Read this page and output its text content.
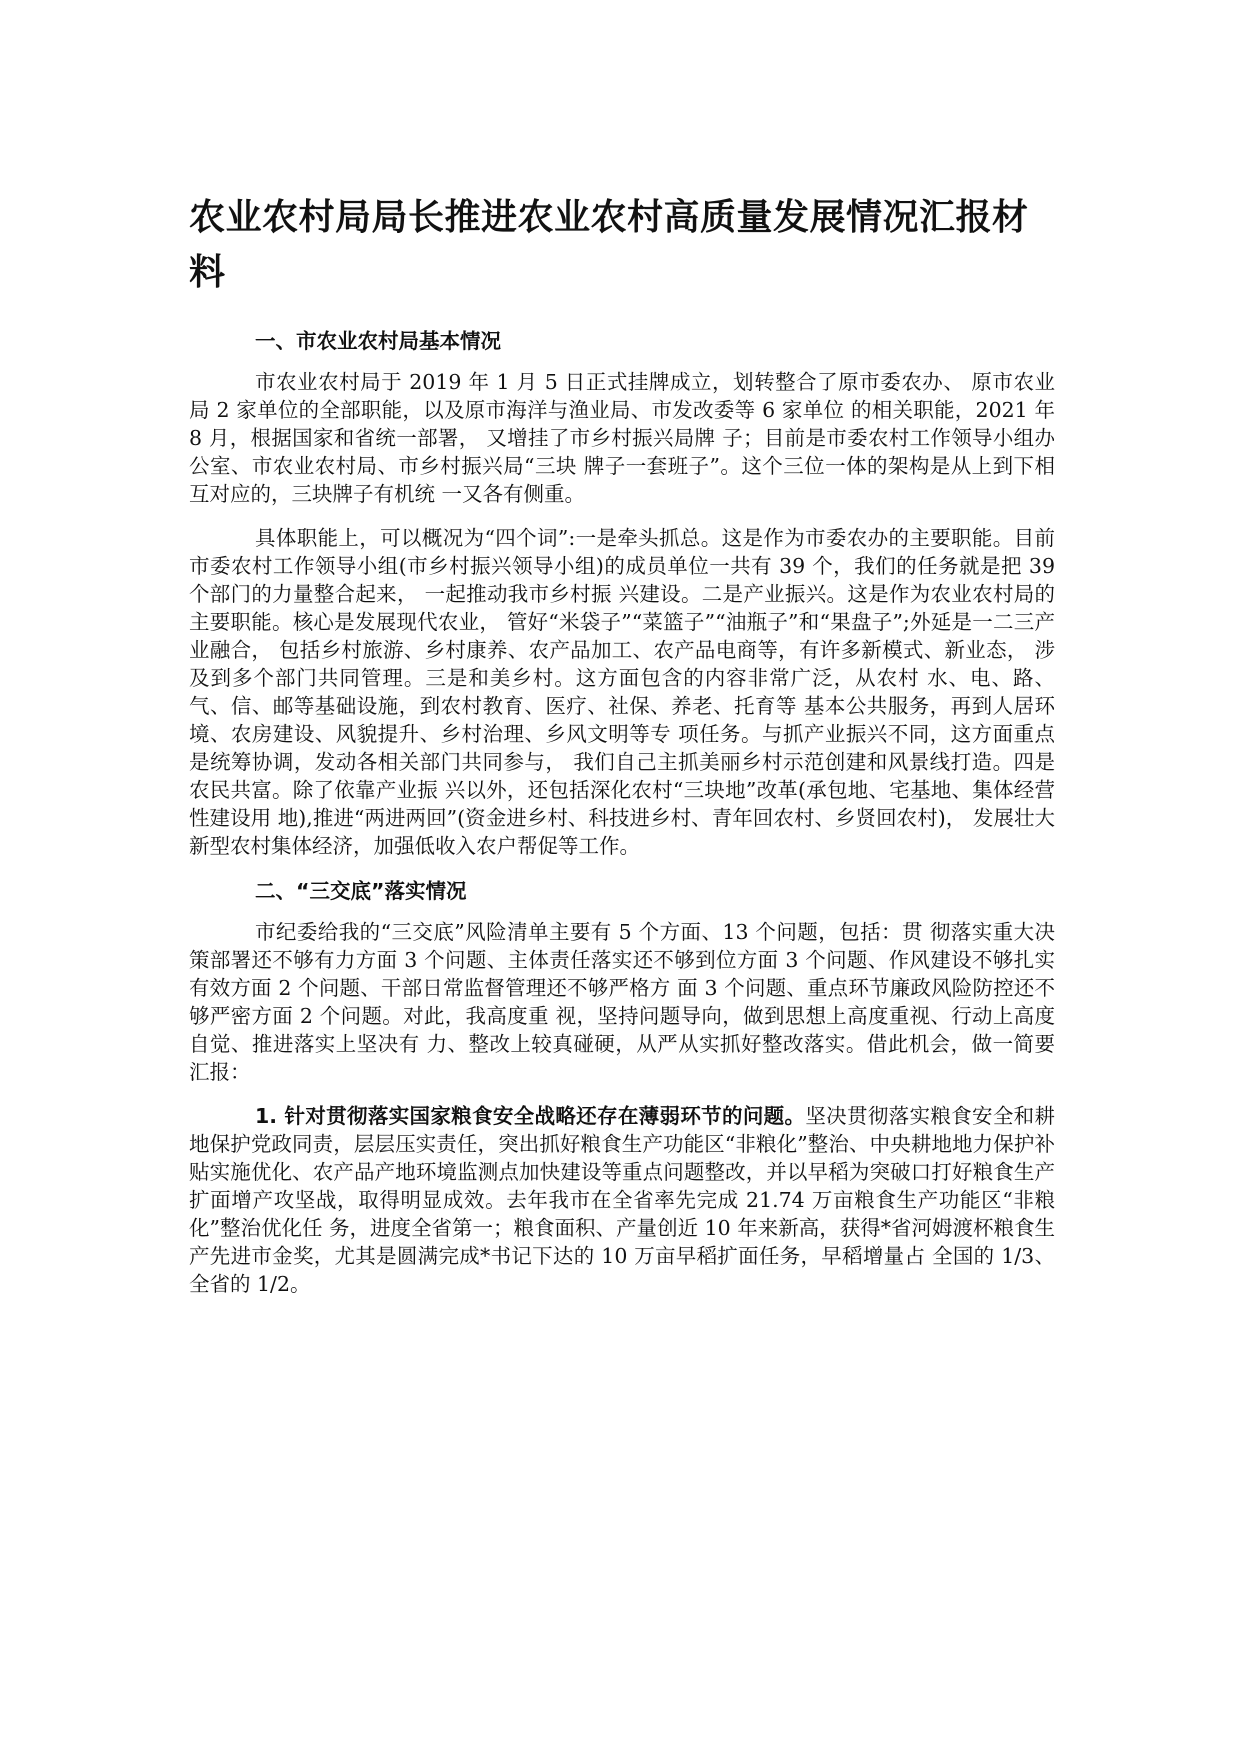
农业农村局局长推进农业农村高质量发展情况汇报材料
一、市农业农村局基本情况

市农业农村局于 2019 年 1 月 5 日正式挂牌成立，划转整合了原市委农办、 原市农业局 2 家单位的全部职能，以及原市海洋与渔业局、市发改委等 6 家单位 的相关职能，2021 年 8 月，根据国家和省统一部署， 又增挂了市乡村振兴局牌 子；目前是市委农村工作领导小组办公室、市农业农村局、市乡村振兴局“三块 牌子一套班子”。这个三位一体的架构是从上到下相互对应的，三块牌子有机统 一又各有侧重。

具体职能上，可以概况为“四个词”:一是牵头抓总。这是作为市委农办的主要职能。目前市委农村工作领导小组(市乡村振兴领导小组)的成员单位一共有 39 个，我们的任务就是把 39 个部门的力量整合起来， 一起推动我市乡村振 兴建设。二是产业振兴。这是作为农业农村局的主要职能。核心是发展现代农业， 管好“米袋子”“菜篮子”“油瓶子”和“果盘子”;外延是一二三产业融合， 包括乡村旅游、乡村康养、农产品加工、农产品电商等，有许多新模式、新业态， 涉及到多个部门共同管理。三是和美乡村。这方面包含的内容非常广泛，从农村 水、电、路、气、信、邮等基础设施，到农村教育、医疗、社保、养老、托育等 基本公共服务，再到人居环境、农房建设、风貌提升、乡村治理、乡风文明等专 项任务。与抓产业振兴不同，这方面重点是统筹协调，发动各相关部门共同参与， 我们自己主抓美丽乡村示范创建和风景线打造。四是农民共富。除了依靠产业振 兴以外，还包括深化农村“三块地”改革(承包地、宅基地、集体经营性建设用 地),推进“两进两回”(资金进乡村、科技进乡村、青年回农村、乡贤回农村)， 发展壮大新型农村集体经济，加强低收入农户帮促等工作。

二、“三交底”落实情况

市纪委给我的“三交底”风险清单主要有 5 个方面、13 个问题，包括：贯 彻落实重大决策部署还不够有力方面 3 个问题、主体责任落实还不够到位方面 3 个问题、作风建设不够扎实有效方面 2 个问题、干部日常监督管理还不够严格方 面 3 个问题、重点环节廉政风险防控还不够严密方面 2 个问题。对此，我高度重 视，坚持问题导向，做到思想上高度重视、行动上高度自觉、推进落实上坚决有 力、整改上较真碰硬，从严从实抓好整改落实。借此机会，做一简要汇报：

1. 针对贯彻落实国家粮食安全战略还存在薄弱环节的问题。坚决贯彻落实粮食安全和耕地保护党政同责，层层压实责任，突出抓好粮食生产功能区“非粮化”整治、中央耕地地力保护补贴实施优化、农产品产地环境监测点加快建设等重点问题整改，并以早稻为突破口打好粮食生产扩面增产攻坚战，取得明显成效。去年我市在全省率先完成 21.74 万亩粮食生产功能区“非粮化”整治优化任 务，进度全省第一；粮食面积、产量创近 10 年来新高，获得*省河姆渡杯粮食生 产先进市金奖，尤其是圆满完成*书记下达的 10 万亩早稻扩面任务，早稻增量占 全国的 1/3、全省的 1/2。
